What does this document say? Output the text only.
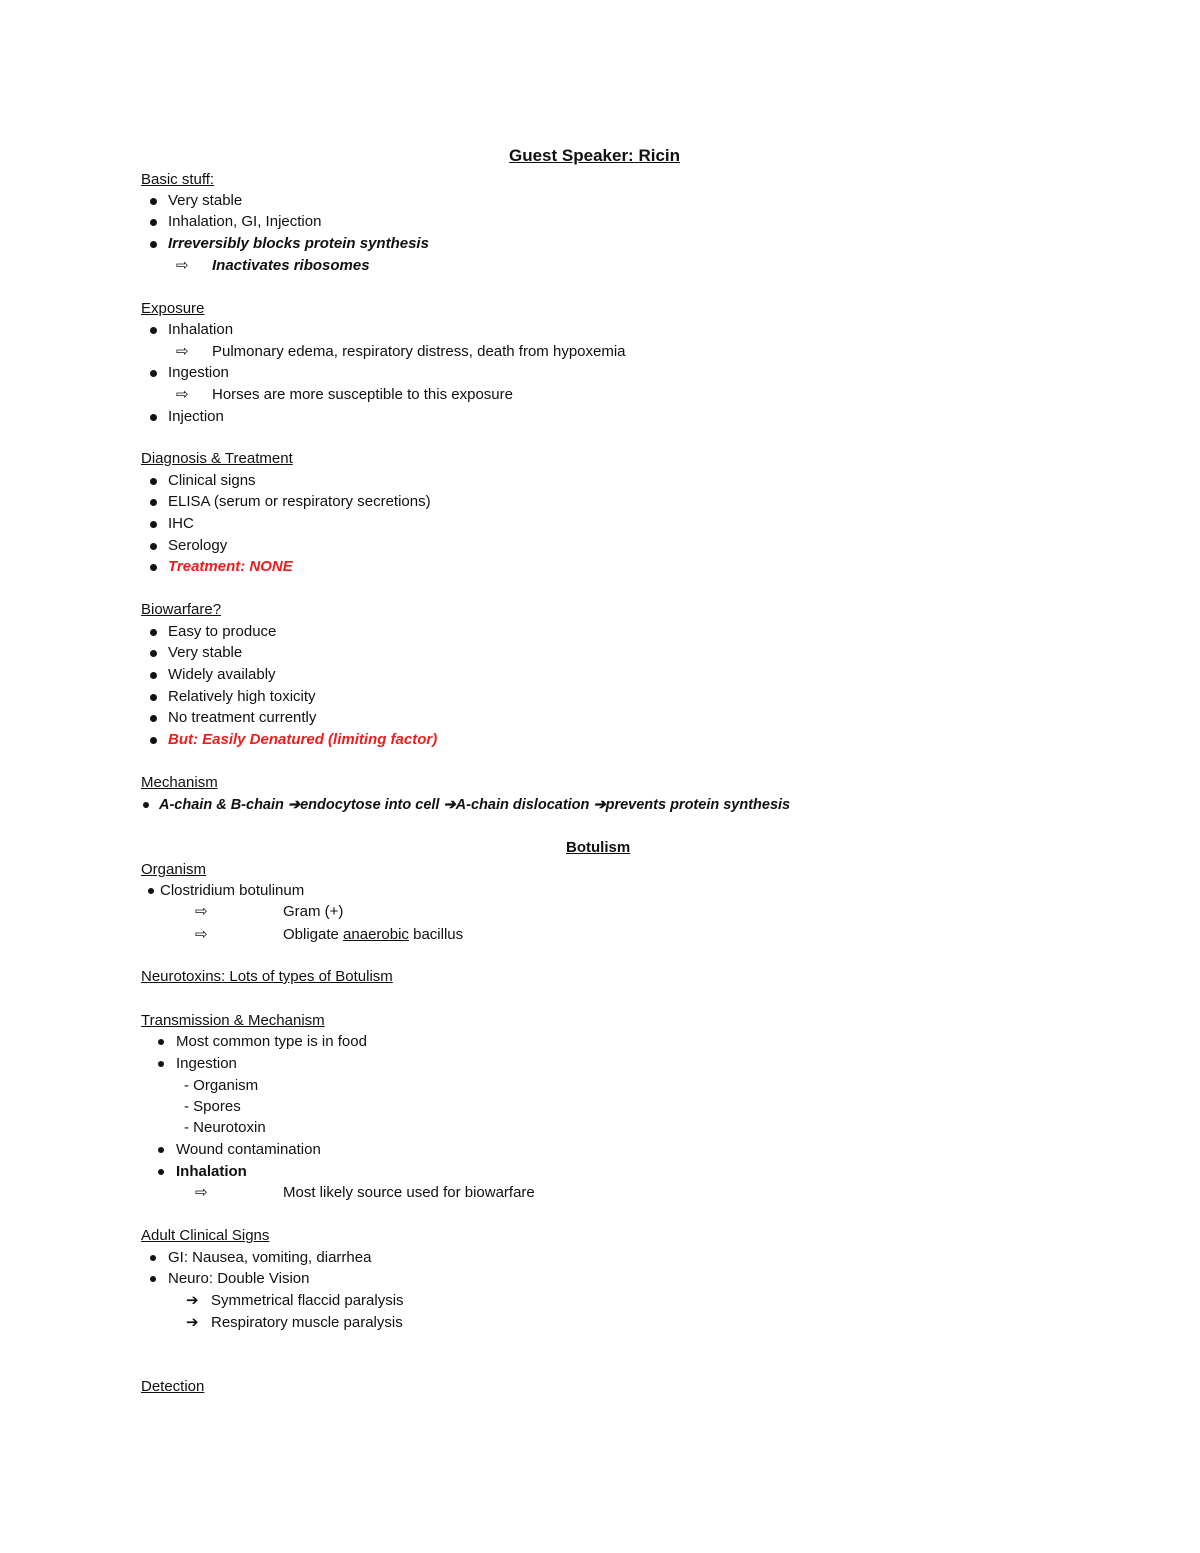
Guest Speaker: Ricin
Basic stuff:
Very stable
Inhalation, GI, Injection
Irreversibly blocks protein synthesis
⇨ Inactivates ribosomes
Exposure
Inhalation
⇨ Pulmonary edema, respiratory distress, death from hypoxemia
Ingestion
⇨ Horses are more susceptible to this exposure
Injection
Diagnosis & Treatment
Clinical signs
ELISA (serum or respiratory secretions)
IHC
Serology
Treatment: NONE
Biowarfare?
Easy to produce
Very stable
Widely availably
Relatively high toxicity
No treatment currently
But: Easily Denatured (limiting factor)
Mechanism
A-chain & B-chain ➔endocytose into cell ➔A-chain dislocation ➔prevents protein synthesis
Botulism
Organism
Clostridium botulinum
⇨	Gram (+)
⇨	Obligate anaerobic bacillus
Neurotoxins: Lots of types of Botulism
Transmission & Mechanism
Most common type is in food
Ingestion
- Organism
- Spores
- Neurotoxin
Wound contamination
Inhalation
⇨	Most likely source used for biowarfare
Adult Clinical Signs
GI: Nausea, vomiting, diarrhea
Neuro: Double Vision
➔ Symmetrical flaccid paralysis
➔ Respiratory muscle paralysis
Detection
